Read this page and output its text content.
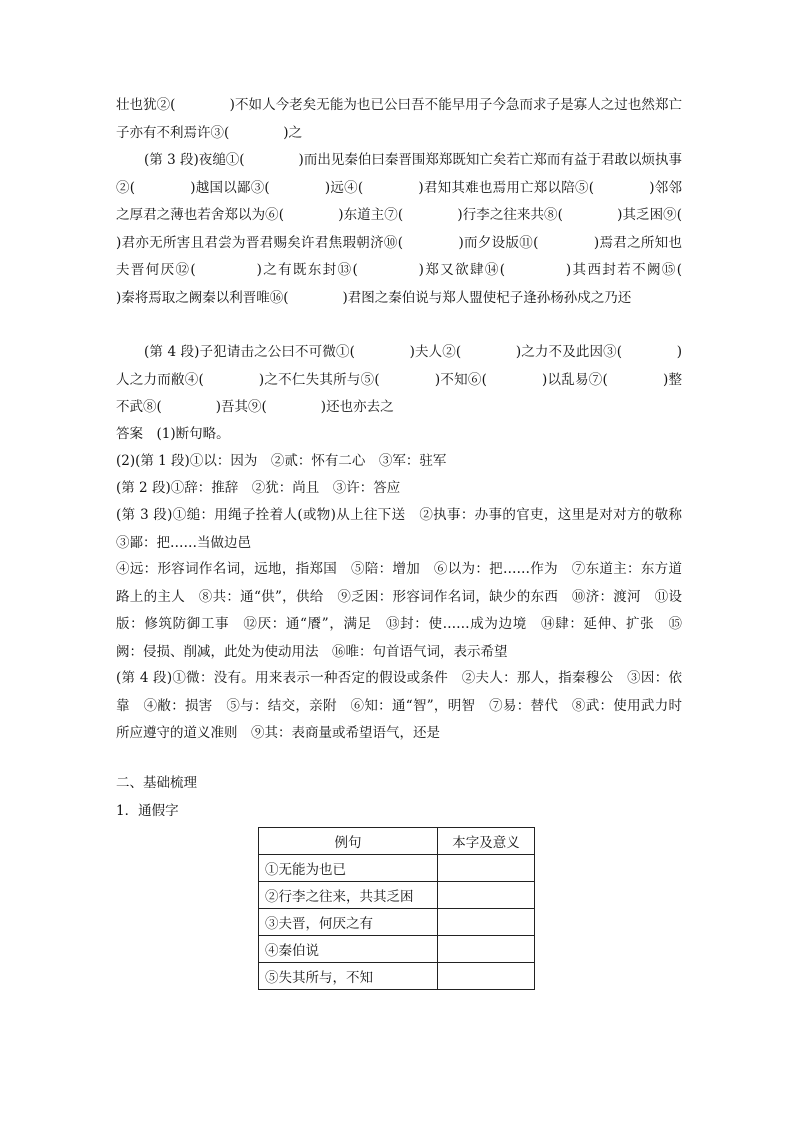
壮也犹②(　　　　)不如人今老矣无能为也已公曰吾不能早用子今急而求子是寡人之过也然郑亡子亦有不利焉许③(　　　　)之
(第 3 段)夜缒①(　　　　)而出见秦伯曰秦晋围郑郑既知亡矣若亡郑而有益于君敢以烦执事②(　　　　)越国以鄙③(　　　　)远④(　　　　)君知其难也焉用亡郑以陪⑤(　　　　)邻邻之厚君之薄也若舍郑以为⑥(　　　　)东道主⑦(　　　　)行李之往来共⑧(　　　　)其乏困⑨(　　　　)君亦无所害且君尝为晋君赐矣许君焦瑕朝济⑩(　　　　)而夕设版⑪(　　　　)焉君之所知也夫晋何厌⑫(　　　　)之有既东封⑬(　　　　)郑又欲肆⑭(　　　　)其西封若不阙⑮(　　　　)秦将焉取之阙秦以利晋唯⑯(　　　　)君图之秦伯说与郑人盟使杞子逢孙杨孙戍之乃还
(第 4 段)子犯请击之公曰不可微①(　　　　)夫人②(　　　　)之力不及此因③(　　　　)人之力而敝④(　　　　)之不仁失其所与⑤(　　　　)不知⑥(　　　　)以乱易⑦(　　　　)整不武⑧(　　　　)吾其⑨(　　　　)还也亦去之
答案　(1)断句略。
(2)(第 1 段)①以：因为　②贰：怀有二心　③军：驻军
(第 2 段)①辞：推辞　②犹：尚且　③许：答应
(第 3 段)①缒：用绳子拴着人(或物)从上往下送　②执事：办事的官吏，这里是对对方的敬称　③鄙：把……当做边邑
④远：形容词作名词，远地，指郑国　⑤陪：增加　⑥以为：把……作为　⑦东道主：东方道路上的主人　⑧共：通“供”，供给　⑨乏困：形容词作名词，缺少的东西　⑩济：渡河　⑪设版：修筑防御工事　⑫厌：通“餍”，满足　⑬封：使……成为边境　⑭肆：延伸、扩张　⑮阙：侵损、削减，此处为使动用法　⑯唯：句首语气词，表示希望
(第 4 段)①微：没有。用来表示一种否定的假设或条件　②夫人：那人，指秦穆公　③因：依靠　④敝：损害　⑤与：结交，亲附　⑥知：通“智”，明智　⑦易：替代　⑧武：使用武力时所应遵守的道义准则　⑨其：表商量或希望语气，还是
二、基础梳理
1．通假字
例句	本字及意义
①无能为也已	
②行李之往来，共其乏困	
③夫晋，何厌之有	
④秦伯说	
⑤失其所与，不知	
